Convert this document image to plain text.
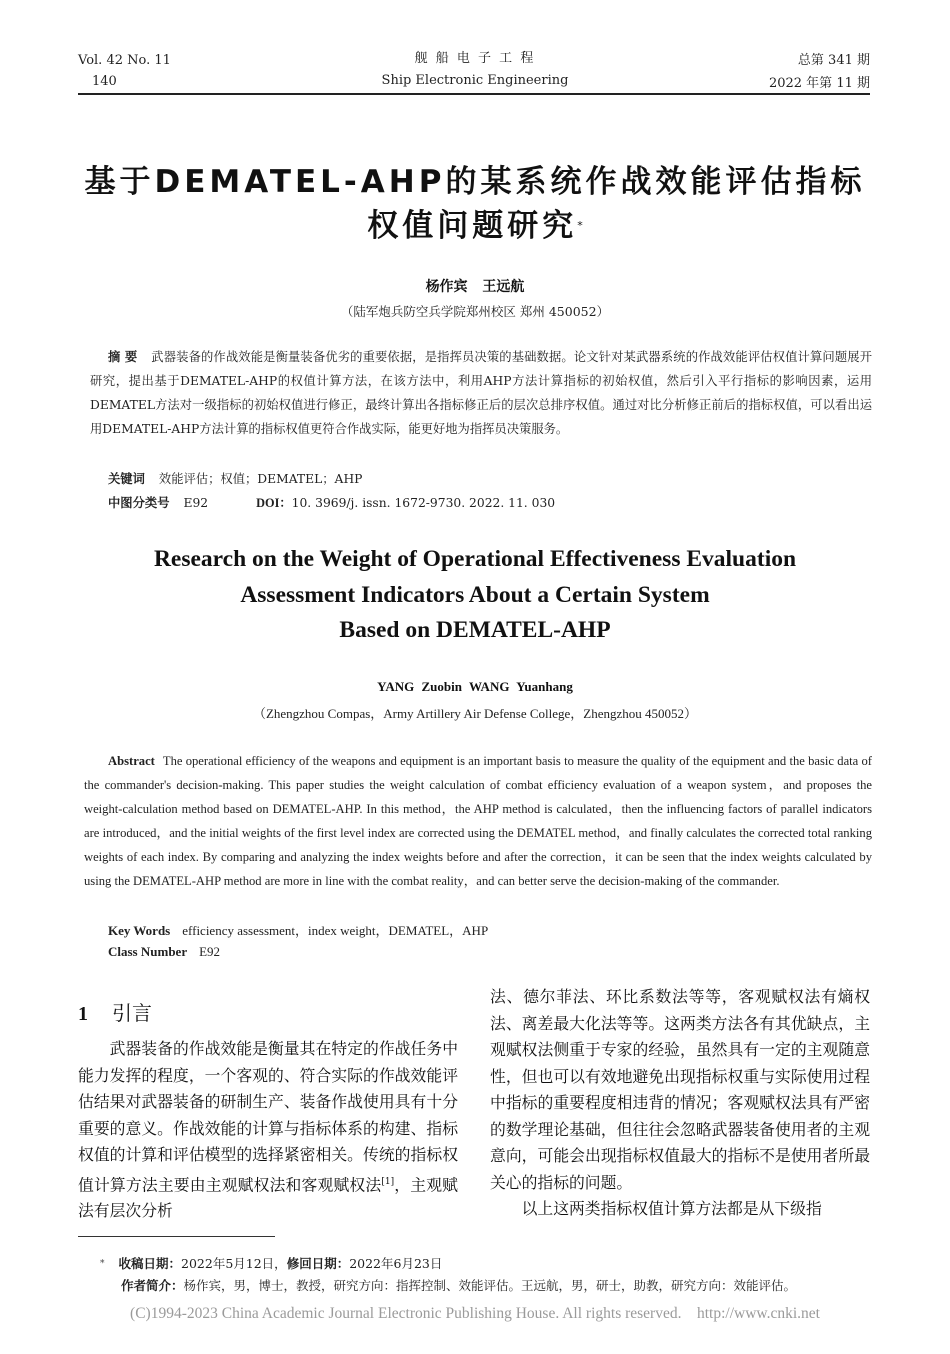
Vol. 42 No. 11
140
舰 船 电 子 工 程
Ship Electronic Engineering
总第 341 期
2022 年第 11 期
基于DEMATEL-AHP的某系统作战效能评估指标
权值问题研究*
杨作宾 王远航
（陆军炮兵防空兵学院郑州校区 郑州 450052）
摘 要 武器装备的作战效能是衡量装备优劣的重要依据，是指挥员决策的基础数据。论文针对某武器系统的作战效能评估权值计算问题展开研究，提出基于DEMATEL-AHP的权值计算方法，在该方法中，利用AHP方法计算指标的初始权值，然后引入平行指标的影响因素，运用DEMATEL方法对一级指标的初始权值进行修正，最终计算出各指标修正后的层次总排序权值。通过对比分析修正前后的指标权值，可以看出运用DEMATEL-AHP方法计算的指标权值更符合作战实际，能更好地为指挥员决策服务。
关键词 效能评估；权值；DEMATEL；AHP
中图分类号 E92	DOI：10. 3969/j. issn. 1672-9730. 2022. 11. 030
Research on the Weight of Operational Effectiveness Evaluation
Assessment Indicators About a Certain System
Based on DEMATEL-AHP
YANG Zuobin WANG Yuanhang
（Zhengzhou Compas，Army Artillery Air Defense College，Zhengzhou 450052）
Abstract The operational efficiency of the weapons and equipment is an important basis to measure the quality of the equipment and the basic data of the commander's decision-making. This paper studies the weight calculation of combat efficiency evaluation of a weapon system，and proposes the weight-calculation method based on DEMATEL-AHP. In this method，the AHP method is calculated，then the influencing factors of parallel indicators are introduced，and the initial weights of the first level index are corrected using the DEMATEL method，and finally calculates the corrected total ranking weights of each index. By comparing and analyzing the index weights before and after the correction，it can be seen that the index weights calculated by using the DEMATEL-AHP method are more in line with the combat reality，and can better serve the decision-making of the commander.
Key Words efficiency assessment，index weight，DEMATEL，AHP
Class Number E92
1 引言

武器装备的作战效能是衡量其在特定的作战任务中能力发挥的程度，一个客观的、符合实际的作战效能评估结果对武器装备的研制生产、装备作战使用具有十分重要的意义。作战效能的计算与指标体系的构建、指标权值的计算和评估模型的选择紧密相关。传统的指标权值计算方法主要由主观赋权法和客观赋权法[1]，主观赋法有层次分析

法、德尔菲法、环比系数法等等，客观赋权法有熵权法、离差最大化法等等。这两类方法各有其优缺点，主观赋权法侧重于专家的经验，虽然具有一定的主观随意性，但也可以有效地避免出现指标权重与实际使用过程中指标的重要程度相违背的情况；客观赋权法具有严密的数学理论基础，但往往会忽略武器装备使用者的主观意向，可能会出现指标权值最大的指标不是使用者所最关心的指标的问题。

以上这两类指标权值计算方法都是从下级指

* 收稿日期：2022年5月12日，修回日期：2022年6月23日
作者简介：杨作宾，男，博士，教授，研究方向：指挥控制、效能评估。王远航，男，研士，助教，研究方向：效能评估。
(C)1994-2023 China Academic Journal Electronic Publishing House. All rights reserved.    http://www.cnki.net
